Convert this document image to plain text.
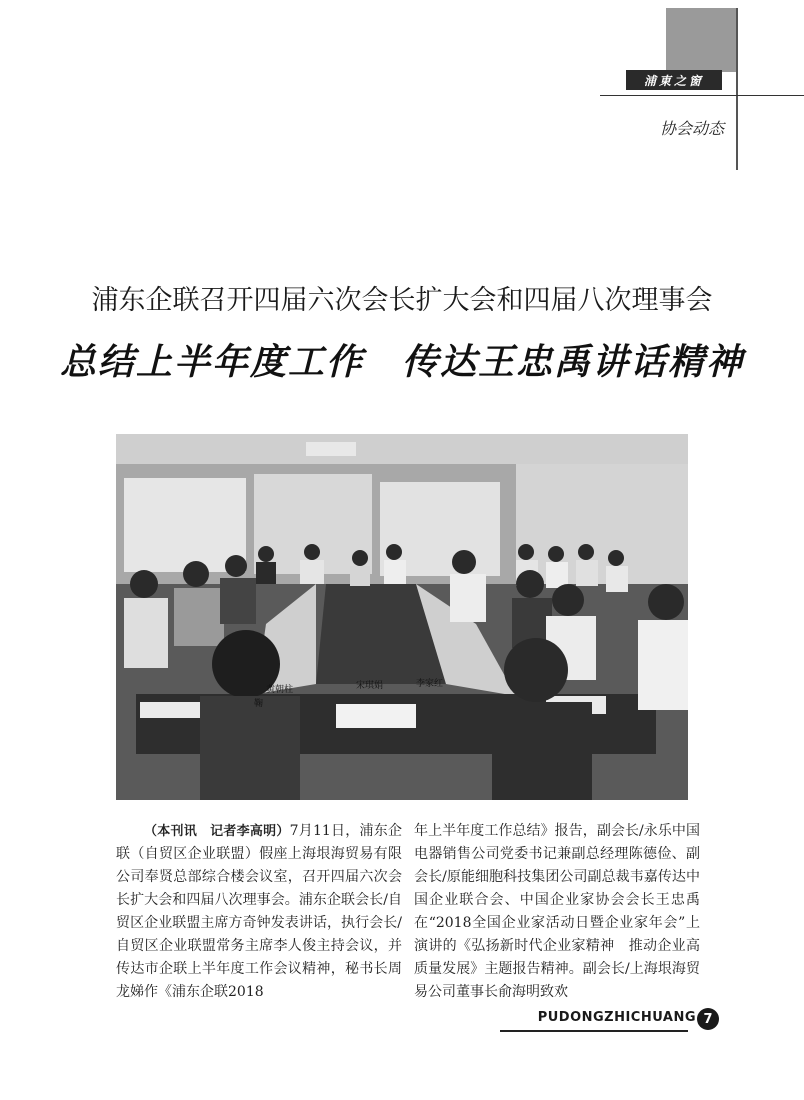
浦東之窗
协会动态
浦东企联召开四届六次会长扩大会和四届八次理事会
总结上半年度工作　传达王忠禹讲话精神
黄朝柱	宋琪娟	李家红
鞠

（本刊讯　记者李高明）7月11日，浦东企联（自贸区企业联盟）假座上海垠海贸易有限公司奉贤总部综合楼会议室，召开四届六次会长扩大会和四届八次理事会。浦东企联会长/自贸区企业联盟主席方奇钟发表讲话，执行会长/自贸区企业联盟常务主席李人俊主持会议，并传达市企联上半年度工作会议精神，秘书长周龙娣作《浦东企联2018

年上半年度工作总结》报告，副会长/永乐中国电器销售公司党委书记兼副总经理陈德俭、副会长/原能细胞科技集团公司副总裁韦嘉传达中国企业联合会、中国企业家协会会长王忠禹在“2018全国企业家活动日暨企业家年会”上演讲的《弘扬新时代企业家精神　推动企业高质量发展》主题报告精神。副会长/上海垠海贸易公司董事长俞海明致欢

PUDONGZHICHUANG 7
